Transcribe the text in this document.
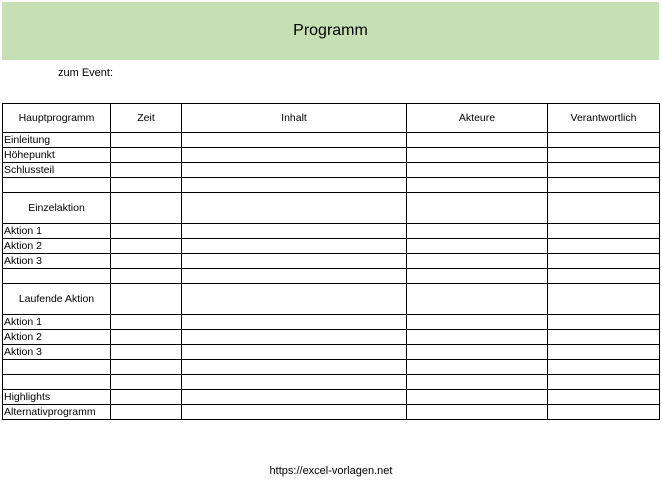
Programm
zum Event:
Hauptprogramm	Zeit	Inhalt	Akteure	Verantwortlich
Einleitung				
Höhepunkt				
Schlussteil				

Einzelaktion				
Aktion 1				
Aktion 2				
Aktion 3				

Laufende Aktion				
Aktion 1				
Aktion 2				
Aktion 3				

Highlights				
Alternativprogramm				
https://excel-vorlagen.net
